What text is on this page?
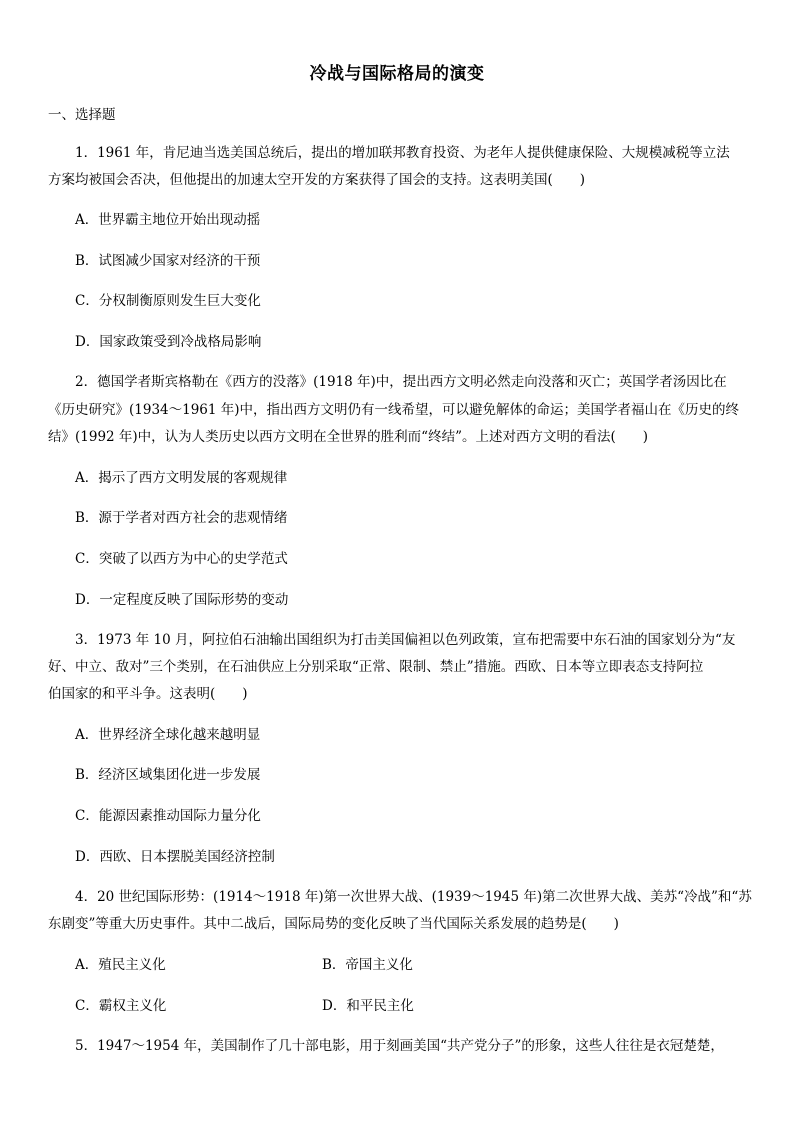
冷战与国际格局的演变
一、选择题
1．1961 年，肯尼迪当选美国总统后，提出的增加联邦教育投资、为老年人提供健康保险、大规模减税等立法
方案均被国会否决，但他提出的加速太空开发的方案获得了国会的支持。这表明美国(　　)
A．世界霸主地位开始出现动摇
B．试图减少国家对经济的干预
C．分权制衡原则发生巨大变化
D．国家政策受到冷战格局影响
2．德国学者斯宾格勒在《西方的没落》(1918 年)中，提出西方文明必然走向没落和灭亡；英国学者汤因比在
《历史研究》(1934～1961 年)中，指出西方文明仍有一线希望，可以避免解体的命运；美国学者福山在《历史的终
结》(1992 年)中，认为人类历史以西方文明在全世界的胜利而“终结”。上述对西方文明的看法(　　)
A．揭示了西方文明发展的客观规律
B．源于学者对西方社会的悲观情绪
C．突破了以西方为中心的史学范式
D．一定程度反映了国际形势的变动
3．1973 年 10 月，阿拉伯石油输出国组织为打击美国偏袒以色列政策，宣布把需要中东石油的国家划分为“友
好、中立、敌对”三个类别，在石油供应上分别采取“正常、限制、禁止”措施。西欧、日本等立即表态支持阿拉
伯国家的和平斗争。这表明(　　)
A．世界经济全球化越来越明显
B．经济区域集团化进一步发展
C．能源因素推动国际力量分化
D．西欧、日本摆脱美国经济控制
4．20 世纪国际形势：(1914～1918 年)第一次世界大战、(1939～1945 年)第二次世界大战、美苏“冷战”和“苏
东剧变”等重大历史事件。其中二战后，国际局势的变化反映了当代国际关系发展的趋势是(　　)
A．殖民主义化	B．帝国主义化
C．霸权主义化	D．和平民主化
5．1947～1954 年，美国制作了几十部电影，用于刻画美国“共产党分子”的形象，这些人往往是衣冠楚楚，
